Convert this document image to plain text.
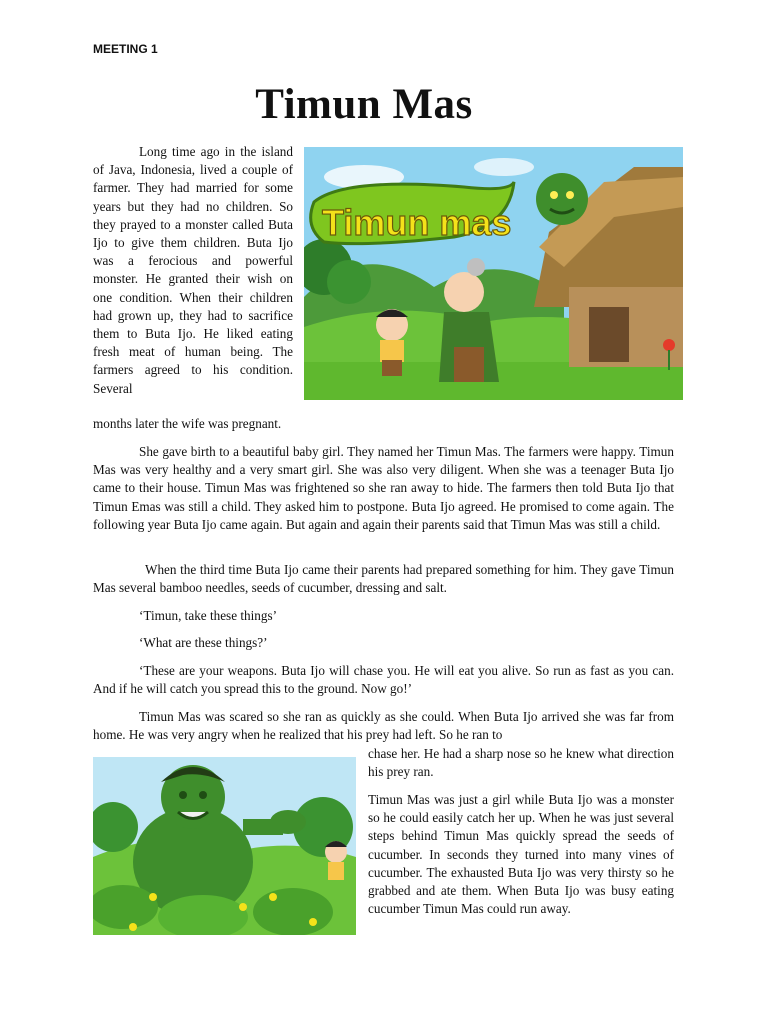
MEETING 1
Timun Mas

Long time ago in the island of Java, Indonesia, lived a couple of farmer. They had married for some years but they had no children. So they prayed to a monster called Buta Ijo to give them children. Buta Ijo was a ferocious and powerful monster. He granted their wish on one condition. When their children had grown up, they had to sacrifice them to Buta Ijo. He liked eating fresh meat of human being. The farmers agreed to his condition. Several

months later the wife was pregnant.
Timun mas

She gave birth to a beautiful baby girl. They named her Timun Mas. The farmers were happy. Timun Mas was very healthy and a very smart girl. She was also very diligent. When she was a teenager Buta Ijo came to their house. Timun Mas was frightened so she ran away to hide. The farmers then told Buta Ijo that Timun Emas was still a child. They asked him to postpone. Buta Ijo agreed. He promised to come again. The following year Buta Ijo came again. But again and again their parents said that Timun Mas was still a child.

When the third time Buta Ijo came their parents had prepared something for him. They gave Timun Mas several bamboo needles, seeds of cucumber, dressing and salt.

‘Timun, take these things’

‘What are these things?’

‘These are your weapons. Buta Ijo will chase you. He will eat you alive. So run as fast as you can. And if he will catch you spread this to the ground. Now go!’

Timun Mas was scared so she ran as quickly as she could. When Buta Ijo arrived she was far from home. He was very angry when he realized that his prey had left. So he ran to

chase her. He had a sharp nose so he knew what direction his prey ran.

Timun Mas was just a girl while Buta Ijo was a monster so he could easily catch her up. When he was just several steps behind Timun Mas quickly spread the seeds of cucumber. In seconds they turned into many vines of cucumber. The exhausted Buta Ijo was very thirsty so he grabbed and ate them. When Buta Ijo was busy eating cucumber Timun Mas could run away.
